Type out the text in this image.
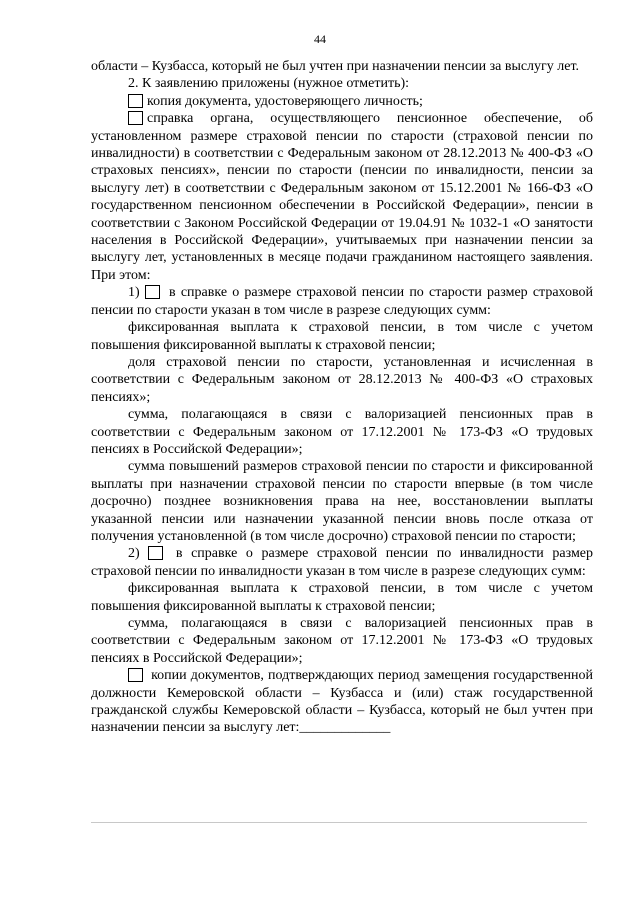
44

области – Кузбасса, который не был учтен при назначении пенсии за выслугу лет.

2. К заявлению приложены (нужное отметить):

копия документа, удостоверяющего личность;

справка органа, осуществляющего пенсионное обеспечение, об установленном размере страховой пенсии по старости (страховой пенсии по инвалидности) в соответствии с Федеральным законом от 28.12.2013 № 400-ФЗ «О страховых пенсиях», пенсии по старости (пенсии по инвалидности, пенсии за выслугу лет) в соответствии с Федеральным законом от 15.12.2001 № 166-ФЗ «О государственном пенсионном обеспечении в Российской Федерации», пенсии в соответствии с Законом Российской Федерации от 19.04.91 № 1032-1 «О занятости населения в Российской Федерации», учитываемых при назначении пенсии за выслугу лет, установленных в месяце подачи гражданином настоящего заявления. При этом:

1) в справке о размере страховой пенсии по старости размер страховой пенсии по старости указан в том числе в разрезе следующих сумм:

фиксированная выплата к страховой пенсии, в том числе с учетом повышения фиксированной выплаты к страховой пенсии;

доля страховой пенсии по старости, установленная и исчисленная в соответствии с Федеральным законом от 28.12.2013 № 400-ФЗ «О страховых пенсиях»;

сумма, полагающаяся в связи с валоризацией пенсионных прав в соответствии с Федеральным законом от 17.12.2001 № 173-ФЗ «О трудовых пенсиях в Российской Федерации»;

сумма повышений размеров страховой пенсии по старости и фиксированной выплаты при назначении страховой пенсии по старости впервые (в том числе досрочно) позднее возникновения права на нее, восстановлении выплаты указанной пенсии или назначении указанной пенсии вновь после отказа от получения установленной (в том числе досрочно) страховой пенсии по старости;

2)	в справке о размере страховой пенсии по инвалидности размер страховой пенсии по инвалидности указан в том числе в разрезе следующих сумм:

фиксированная выплата к страховой пенсии, в том числе с учетом повышения фиксированной выплаты к страховой пенсии;

сумма, полагающаяся в связи с валоризацией пенсионных прав в соответствии с Федеральным законом от 17.12.2001 № 173-ФЗ «О трудовых пенсиях в Российской Федерации»;

копии документов, подтверждающих период замещения государственной должности Кемеровской области – Кузбасса и (или) стаж государственной гражданской службы Кемеровской области – Кузбасса, который не был учтен при назначении пенсии за выслугу лет:_____________
